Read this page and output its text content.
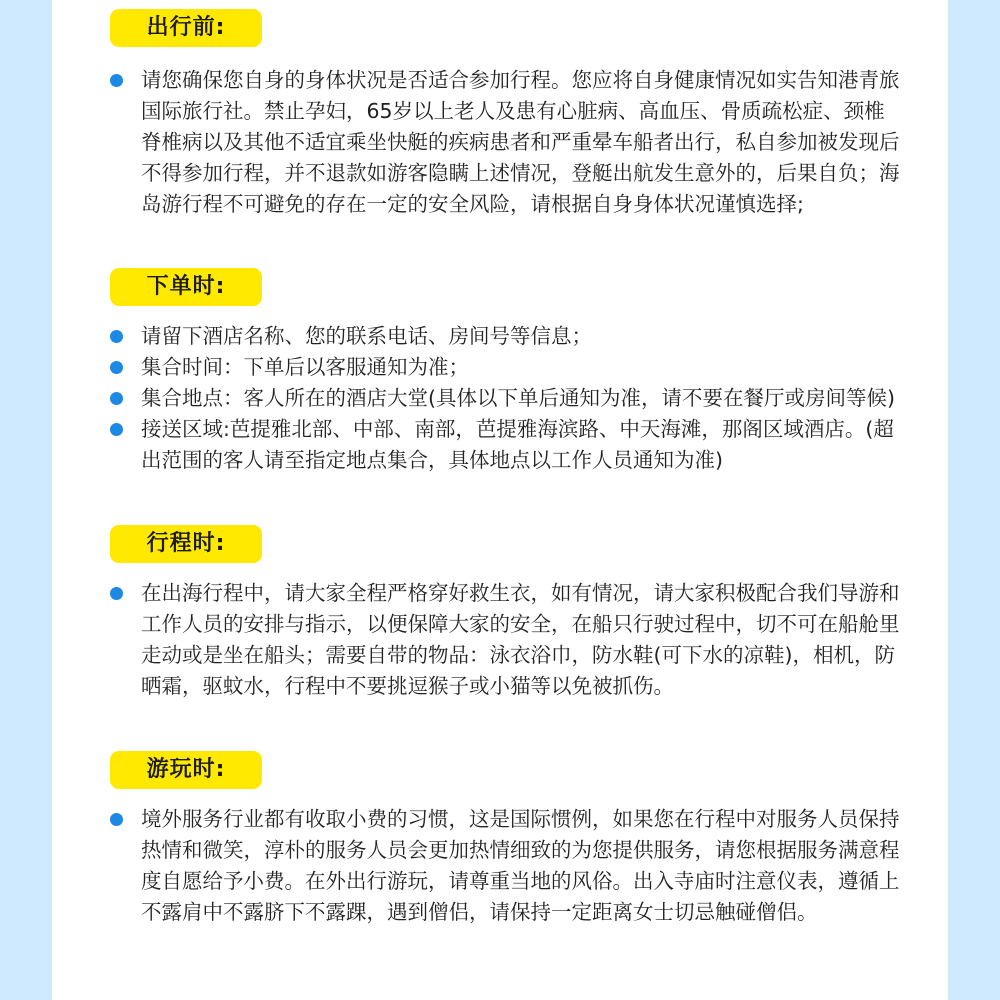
出行前:
请您确保您自身的身体状况是否适合参加行程。您应将自身健康情况如实告知港青旅国际旅行社。禁止孕妇，65岁以上老人及患有心脏病、高血压、骨质疏松症、颈椎脊椎病以及其他不适宜乘坐快艇的疾病患者和严重晕车船者出行，私自参加被发现后不得参加行程，并不退款如游客隐瞒上述情况，登艇出航发生意外的，后果自负；海岛游行程不可避免的存在一定的安全风险，请根据自身身体状况谨慎选择;
下单时:
请留下酒店名称、您的联系电话、房间号等信息；
集合时间：下单后以客服通知为准；
集合地点：客人所在的酒店大堂(具体以下单后通知为准，请不要在餐厅或房间等候)
接送区域:芭提雅北部、中部、南部，芭提雅海滨路、中天海滩，那阁区域酒店。(超出范围的客人请至指定地点集合，具体地点以工作人员通知为准)
行程时:
在出海行程中，请大家全程严格穿好救生衣，如有情况，请大家积极配合我们导游和工作人员的安排与指示，以便保障大家的安全，在船只行驶过程中，切不可在船舱里走动或是坐在船头；需要自带的物品：泳衣浴巾，防水鞋(可下水的凉鞋)，相机，防晒霜，驱蚊水，行程中不要挑逗猴子或小猫等以免被抓伤。
游玩时:
境外服务行业都有收取小费的习惯，这是国际惯例，如果您在行程中对服务人员保持热情和微笑，淳朴的服务人员会更加热情细致的为您提供服务，请您根据服务满意程度自愿给予小费。在外出行游玩，请尊重当地的风俗。出入寺庙时注意仪表，遵循上不露肩中不露脐下不露踝，遇到僧侣，请保持一定距离女士切忌触碰僧侣。
